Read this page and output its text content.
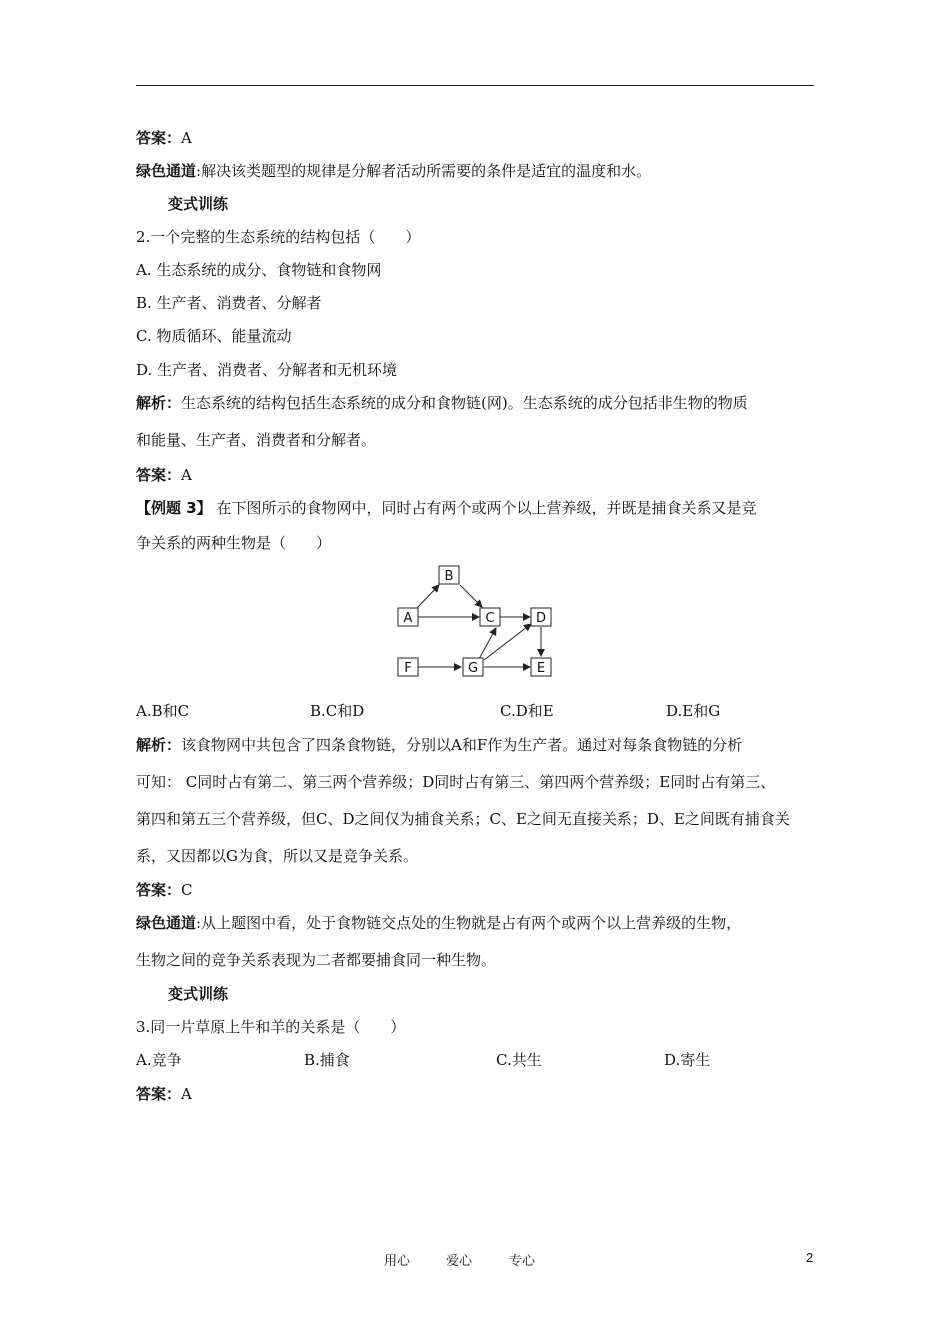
答案：A
绿色通道:解决该类题型的规律是分解者活动所需要的条件是适宜的温度和水。
变式训练
2.一个完整的生态系统的结构包括（　　）
A. 生态系统的成分、食物链和食物网
B. 生产者、消费者、分解者
C. 物质循环、能量流动
D. 生产者、消费者、分解者和无机环境
解析：生态系统的结构包括生态系统的成分和食物链(网)。生态系统的成分包括非生物的物质
和能量、生产者、消费者和分解者。
答案：A
【例题 3】 在下图所示的食物网中，同时占有两个或两个以上营养级，并既是捕食关系又是竞
争关系的两种生物是（　　）
A
B
C	D
E
F	G
A.B和C	B.C和D	C.D和E	D.E和G
解析：该食物网中共包含了四条食物链，分别以A和F作为生产者。通过对每条食物链的分析
可知： C同时占有第二、第三两个营养级；D同时占有第三、第四两个营养级；E同时占有第三、
第四和第五三个营养级，但C、D之间仅为捕食关系；C、E之间无直接关系；D、E之间既有捕食关
系，又因都以G为食，所以又是竞争关系。
答案：C
绿色通道:从上题图中看，处于食物链交点处的生物就是占有两个或两个以上营养级的生物，
生物之间的竞争关系表现为二者都要捕食同一种生物。
变式训练
3.同一片草原上牛和羊的关系是（　　）
A.竞争	B.捕食	C.共生	D.寄生
答案：A
用心	爱心	专心	2
